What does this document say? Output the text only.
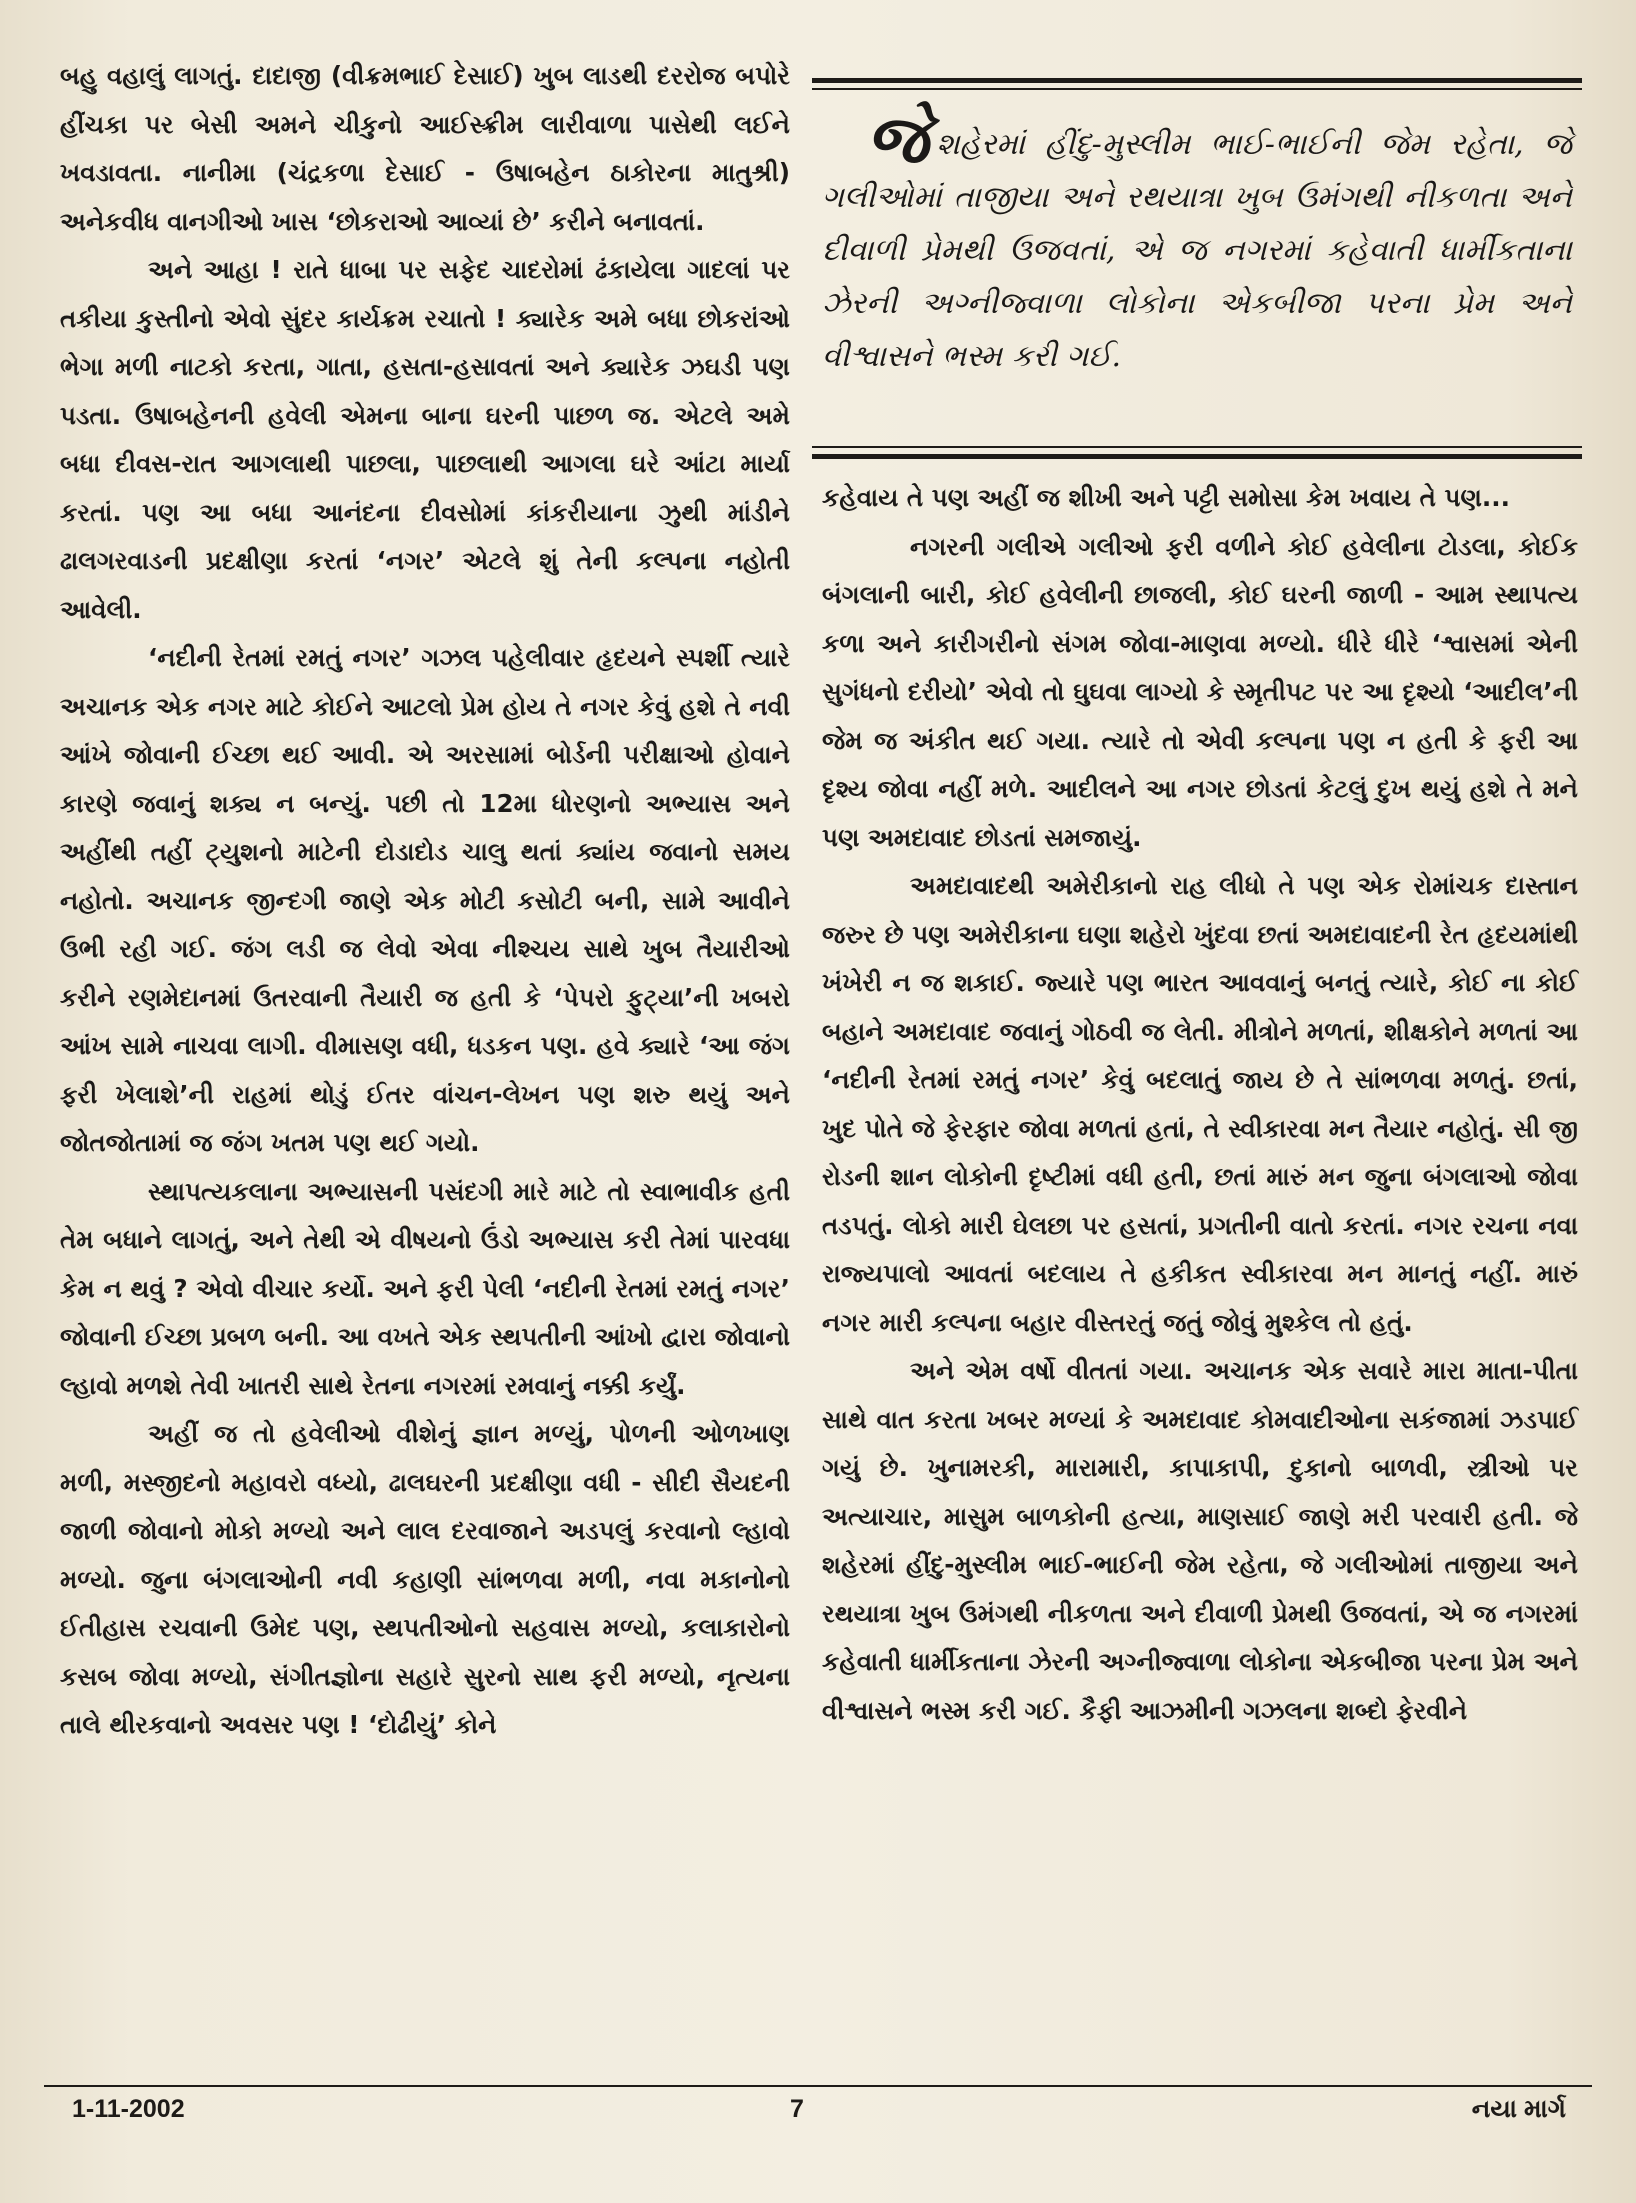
બહુ વહાલું લાગતું. દાદાજી (વીક્રમભાઈ દેસાઈ) ખુબ લાડથી દરરોજ બપોરે હીંચકા પર બેસી અમને ચીકુનો આઈસ્ક્રીમ લારીવાળા પાસેથી લઈને ખવડાવતા. નાનીમા (ચંદ્રકળા દેસાઈ - ઉષાબહેન ઠાકોરના માતુશ્રી) અનેકવીધ વાનગીઓ ખાસ ‘છોકરાઓ આવ્યાં છે’ કરીને બનાવતાં.

અને આહા ! રાતે ધાબા પર સફેદ ચાદરોમાં ઢંકાયેલા ગાદલાં પર તકીયા કુસ્તીનો એવો સુંદર કાર્યક્રમ રચાતો ! ક્યારેક અમે બધા છોકરાંઓ ભેગા મળી નાટકો કરતા, ગાતા, હસતા-હસાવતાં અને ક્યારેક ઝઘડી પણ પડતા. ઉષાબહેનની હવેલી એમના બાના ઘરની પાછળ જ. એટલે અમે બધા દીવસ-રાત આગલાથી પાછલા, પાછલાથી આગલા ઘરે આંટા માર્યા કરતાં. પણ આ બધા આનંદના દીવસોમાં કાંકરીયાના ઝુથી માંડીને ઢાલગરવાડની પ્રદક્ષીણા કરતાં ‘નગર’ એટલે શું તેની કલ્પના નહોતી આવેલી.

‘નદીની રેતમાં રમતું નગર’ ગઝલ પહેલીવાર હૃદયને સ્પર્શી ત્યારે અચાનક એક નગર માટે કોઈને આટલો પ્રેમ હોય તે નગર કેવું હશે તે નવી આંખે જોવાની ઈચ્છા થઈ આવી. એ અરસામાં બોર્ડની પરીક્ષાઓ હોવાને કારણે જવાનું શક્ય ન બન્યું. પછી તો 12મા ધોરણનો અભ્યાસ અને અહીંથી તહીં ટ્યુશનો માટેની દોડાદોડ ચાલુ થતાં ક્યાંય જવાનો સમય નહોતો. અચાનક જીન્દગી જાણે એક મોટી કસોટી બની, સામે આવીને ઉભી રહી ગઈ. જંગ લડી જ લેવો એવા નીશ્ચય સાથે ખુબ તૈયારીઓ કરીને રણમેદાનમાં ઉતરવાની તૈયારી જ હતી કે ‘પેપરો ફુટ્યા’ની ખબરો આંખ સામે નાચવા લાગી. વીમાસણ વધી, ધડકન પણ. હવે ક્યારે ‘આ જંગ ફરી ખેલાશે’ની રાહમાં થોડું ઈતર વાંચન-લેખન પણ શરુ થયું અને જોતજોતામાં જ જંગ ખતમ પણ થઈ ગયો.

સ્થાપત્યકલાના અભ્યાસની પસંદગી મારે માટે તો સ્વાભાવીક હતી તેમ બધાને લાગતું, અને તેથી એ વીષયનો ઉંડો અભ્યાસ કરી તેમાં પારવધા કેમ ન થવું ? એવો વીચાર કર્યો. અને ફરી પેલી ‘નદીની રેતમાં રમતું નગર’ જોવાની ઈચ્છા પ્રબળ બની. આ વખતે એક સ્થપતીની આંખો દ્વારા જોવાનો લ્હાવો મળશે તેવી ખાતરી સાથે રેતના નગરમાં રમવાનું નક્કી કર્યું.

અહીં જ તો હવેલીઓ વીશેનું જ્ઞાન મળ્યું, પોળની ઓળખાણ મળી, મસ્જીદનો મહાવરો વધ્યો, ઢાલઘરની પ્રદક્ષીણા વધી - સીદી સૈયદની જાળી જોવાનો મોકો મળ્યો અને લાલ દરવાજાને અડપલું કરવાનો લ્હાવો મળ્યો. જુના બંગલાઓની નવી કહાણી સાંભળવા મળી, નવા મકાનોનો ઈતીહાસ રચવાની ઉમેદ પણ, સ્થપતીઓનો સહવાસ મળ્યો, કલાકારોનો કસબ જોવા મળ્યો, સંગીતજ્ઞોના સહારે સુરનો સાથ ફરી મળ્યો, નૃત્યના તાલે થીરકવાનો અવસર પણ ! ‘દોઢીયું’ કોને

જેશહેરમાં હીંદુ-મુસ્લીમ ભાઈ-ભાઈની જેમ રહેતા, જે ગલીઓમાં તાજીયા અને રથયાત્રા ખુબ ઉમંગથી નીકળતા અને દીવાળી પ્રેમથી ઉજવતાં, એ જ નગરમાં કહેવાતી ધાર્મીકતાના ઝેરની અગ્નીજ્વાળા લોકોના એકબીજા પરના પ્રેમ અને વીશ્વાસને ભસ્મ કરી ગઈ.

કહેવાય તે પણ અહીં જ શીખી અને પટ્ટી સમોસા કેમ ખવાય તે પણ...

નગરની ગલીએ ગલીઓ ફરી વળીને કોઈ હવેલીના ટોડલા, કોઈક બંગલાની બારી, કોઈ હવેલીની છાજલી, કોઈ ઘરની જાળી - આમ સ્થાપત્ય કળા અને કારીગરીનો સંગમ જોવા-માણવા મળ્યો. ધીરે ધીરે ‘શ્વાસમાં એની સુગંધનો દરીયો’ એવો તો ઘુઘવા લાગ્યો કે સ્મૃતીપટ પર આ દૃશ્યો ‘આદીલ’ની જેમ જ અંકીત થઈ ગયા. ત્યારે તો એવી કલ્પના પણ ન હતી કે ફરી આ દૃશ્ય જોવા નહીં મળે. આદીલને આ નગર છોડતાં કેટલું દુખ થયું હશે તે મને પણ અમદાવાદ છોડતાં સમજાયું.

અમદાવાદથી અમેરીકાનો રાહ લીધો તે પણ એક રોમાંચક દાસ્તાન જરુર છે પણ અમેરીકાના ઘણા શહેરો ખુંદવા છતાં અમદાવાદની રેત હૃદયમાંથી ખંખેરી ન જ શકાઈ. જ્યારે પણ ભારત આવવાનું બનતું ત્યારે, કોઈ ના કોઈ બહાને અમદાવાદ જવાનું ગોઠવી જ લેતી. મીત્રોને મળતાં, શીક્ષકોને મળતાં આ ‘નદીની રેતમાં રમતું નગર’ કેવું બદલાતું જાય છે તે સાંભળવા મળતું. છતાં, ખુદ પોતે જે ફેરફાર જોવા મળતાં હતાં, તે સ્વીકારવા મન તૈયાર નહોતું. સી જી રોડની શાન લોકોની દૃષ્ટીમાં વધી હતી, છતાં મારું મન જુના બંગલાઓ જોવા તડપતું. લોકો મારી ઘેલછા પર હસતાં, પ્રગતીની વાતો કરતાં. નગર રચના નવા રાજ્યપાલો આવતાં બદલાય તે હકીકત સ્વીકારવા મન માનતું નહીં. મારું નગર મારી કલ્પના બહાર વીસ્તરતું જતું જોવું મુશ્કેલ તો હતું.

અને એમ વર્ષો વીતતાં ગયા. અચાનક એક સવારે મારા માતા-પીતા સાથે વાત કરતા ખબર મળ્યાં કે અમદાવાદ કોમવાદીઓના સકંજામાં ઝડપાઈ ગયું છે. ખુનામરકી, મારામારી, કાપાકાપી, દુકાનો બાળવી, સ્ત્રીઓ પર અત્યાચાર, માસુમ બાળકોની હત્યા, માણસાઈ જાણે મરી પરવારી હતી. જે શહેરમાં હીંદુ-મુસ્લીમ ભાઈ-ભાઈની જેમ રહેતા, જે ગલીઓમાં તાજીયા અને રથયાત્રા ખુબ ઉમંગથી નીકળતા અને દીવાળી પ્રેમથી ઉજવતાં, એ જ નગરમાં કહેવાતી ધાર્મીકતાના ઝેરની અગ્નીજ્વાળા લોકોના એકબીજા પરના પ્રેમ અને વીશ્વાસને ભસ્મ કરી ગઈ. કૈફી આઝમીની ગઝલના શબ્દો ફેરવીને

1-11-2002	7	નયા માર્ગ
